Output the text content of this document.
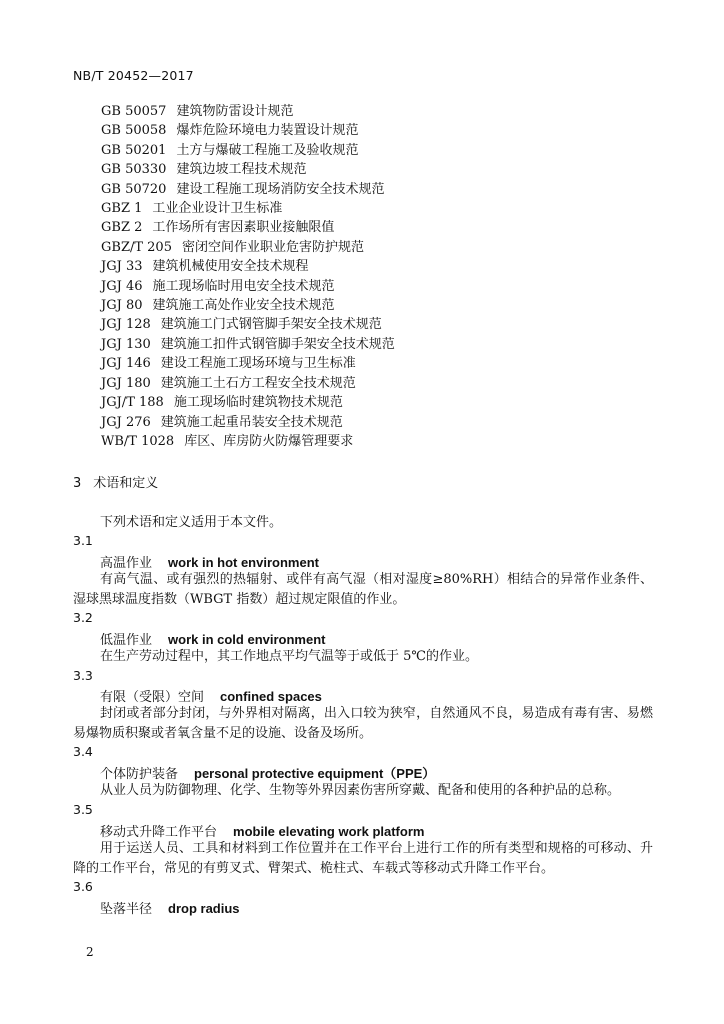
NB/T 20452—2017
GB 50057 建筑物防雷设计规范
GB 50058 爆炸危险环境电力装置设计规范
GB 50201 土方与爆破工程施工及验收规范
GB 50330 建筑边坡工程技术规范
GB 50720 建设工程施工现场消防安全技术规范
GBZ 1 工业企业设计卫生标准
GBZ 2 工作场所有害因素职业接触限值
GBZ/T 205 密闭空间作业职业危害防护规范
JGJ 33 建筑机械使用安全技术规程
JGJ 46 施工现场临时用电安全技术规范
JGJ 80 建筑施工高处作业安全技术规范
JGJ 128 建筑施工门式钢管脚手架安全技术规范
JGJ 130 建筑施工扣件式钢管脚手架安全技术规范
JGJ 146 建设工程施工现场环境与卫生标准
JGJ 180 建筑施工土石方工程安全技术规范
JGJ/T 188 施工现场临时建筑物技术规范
JGJ 276 建筑施工起重吊装安全技术规范
WB/T 1028 库区、库房防火防爆管理要求
3 术语和定义
下列术语和定义适用于本文件。
3.1
高温作业 work in hot environment
有高气温、或有强烈的热辐射、或伴有高气湿（相对湿度≥80%RH）相结合的异常作业条件、湿球黑球温度指数（WBGT 指数）超过规定限值的作业。
3.2
低温作业 work in cold environment
在生产劳动过程中，其工作地点平均气温等于或低于 5℃的作业。
3.3
有限（受限）空间 confined spaces
封闭或者部分封闭，与外界相对隔离，出入口较为狭窄，自然通风不良，易造成有毒有害、易燃易爆物质积聚或者氧含量不足的设施、设备及场所。
3.4
个体防护装备 personal protective equipment（PPE）
从业人员为防御物理、化学、生物等外界因素伤害所穿戴、配备和使用的各种护品的总称。
3.5
移动式升降工作平台 mobile elevating work platform
用于运送人员、工具和材料到工作位置并在工作平台上进行工作的所有类型和规格的可移动、升降的工作平台，常见的有剪叉式、臂架式、桅柱式、车载式等移动式升降工作平台。
3.6
坠落半径 drop radius
2
